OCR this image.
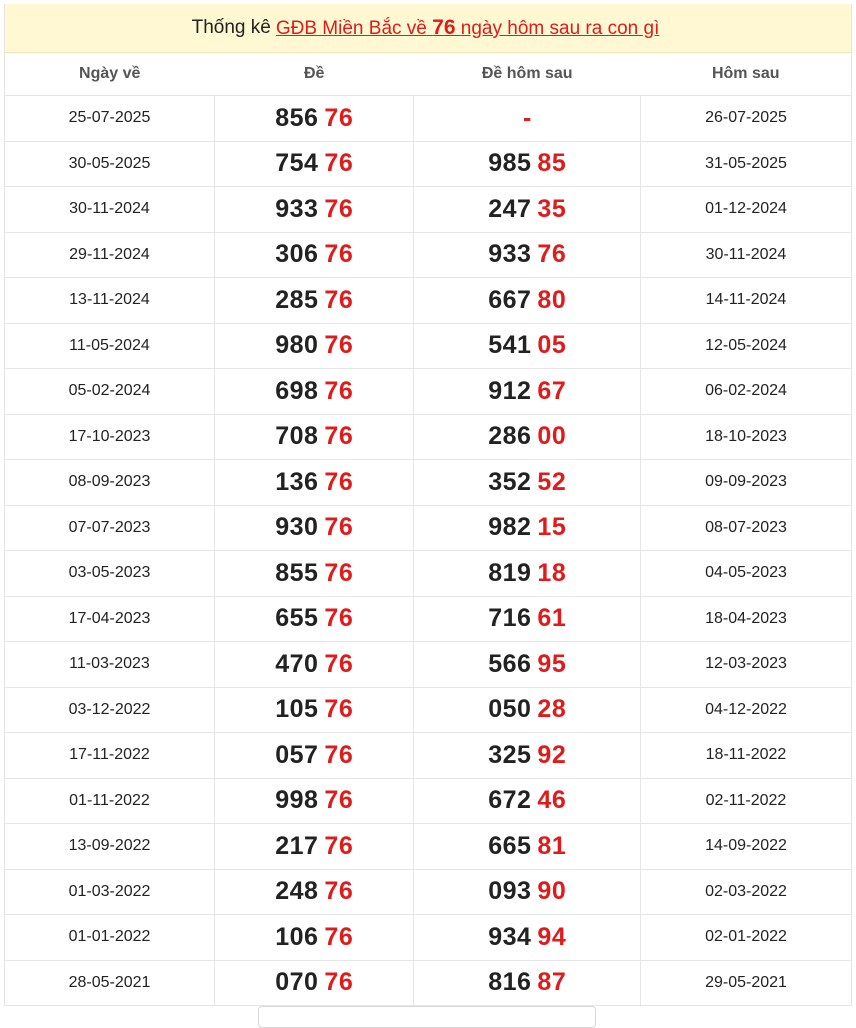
Thống kê GĐB Miền Bắc về 76 ngày hôm sau ra con gì
Ngày về	Đề	Đề hôm sau	Hôm sau
25-07-2025	856 76	-	26-07-2025
30-05-2025	754 76	985 85	31-05-2025
30-11-2024	933 76	247 35	01-12-2024
29-11-2024	306 76	933 76	30-11-2024
13-11-2024	285 76	667 80	14-11-2024
11-05-2024	980 76	541 05	12-05-2024
05-02-2024	698 76	912 67	06-02-2024
17-10-2023	708 76	286 00	18-10-2023
08-09-2023	136 76	352 52	09-09-2023
07-07-2023	930 76	982 15	08-07-2023
03-05-2023	855 76	819 18	04-05-2023
17-04-2023	655 76	716 61	18-04-2023
11-03-2023	470 76	566 95	12-03-2023
03-12-2022	105 76	050 28	04-12-2022
17-11-2022	057 76	325 92	18-11-2022
01-11-2022	998 76	672 46	02-11-2022
13-09-2022	217 76	665 81	14-09-2022
01-03-2022	248 76	093 90	02-03-2022
01-01-2022	106 76	934 94	02-01-2022
28-05-2021	070 76	816 87	29-05-2021
